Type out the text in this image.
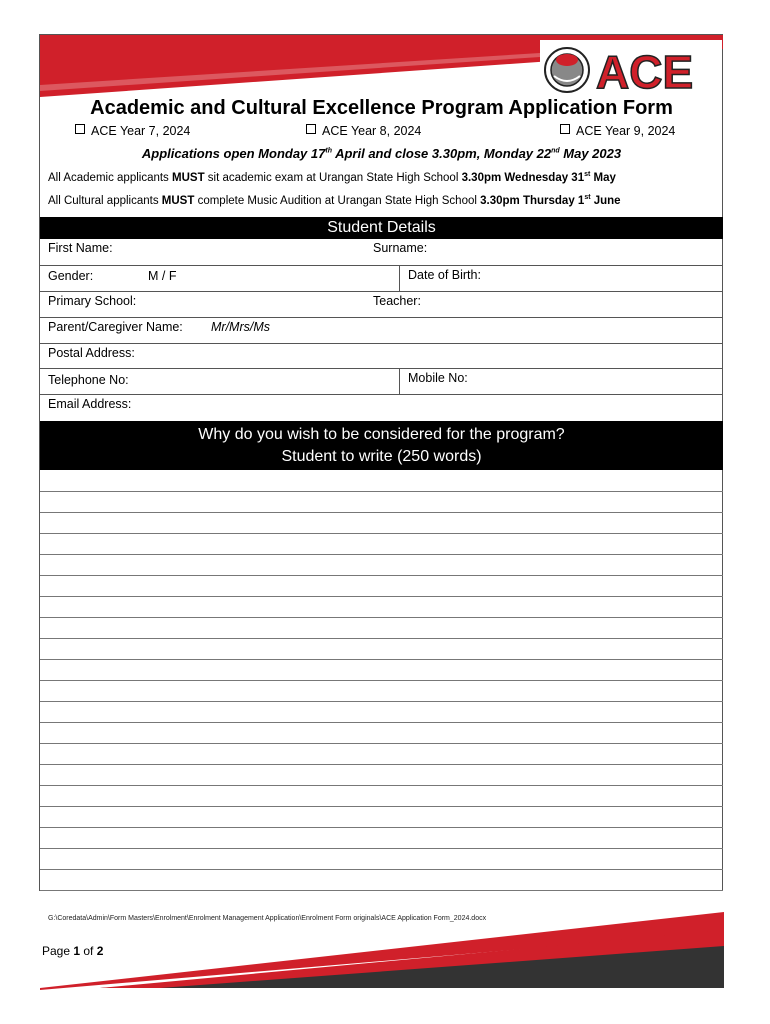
ACE
Academic and Cultural Excellence Program Application Form
ACE Year 7, 2024	ACE Year 8, 2024	ACE Year 9, 2024
Applications open Monday 17th April and close 3.30pm, Monday 22nd May 2023
All Academic applicants MUST sit academic exam at Urangan State High School 3.30pm Wednesday 31st May
All Cultural applicants MUST complete Music Audition at Urangan State High School 3.30pm Thursday 1st June
Student Details
First Name:	Surname:
Gender:	M / F	Date of Birth:
Primary School:	Teacher:
Parent/Caregiver Name: Mr/Mrs/Ms
Postal Address:
Telephone No:	Mobile No:
Email Address:
Why do you wish to be considered for the program?
Student to write (250 words)
G:\Coredata\Admin\Form Masters\Enrolment\Enrolment Management Application\Enrolment Form originals\ACE Application Form_2024.docx
Page 1 of 2
